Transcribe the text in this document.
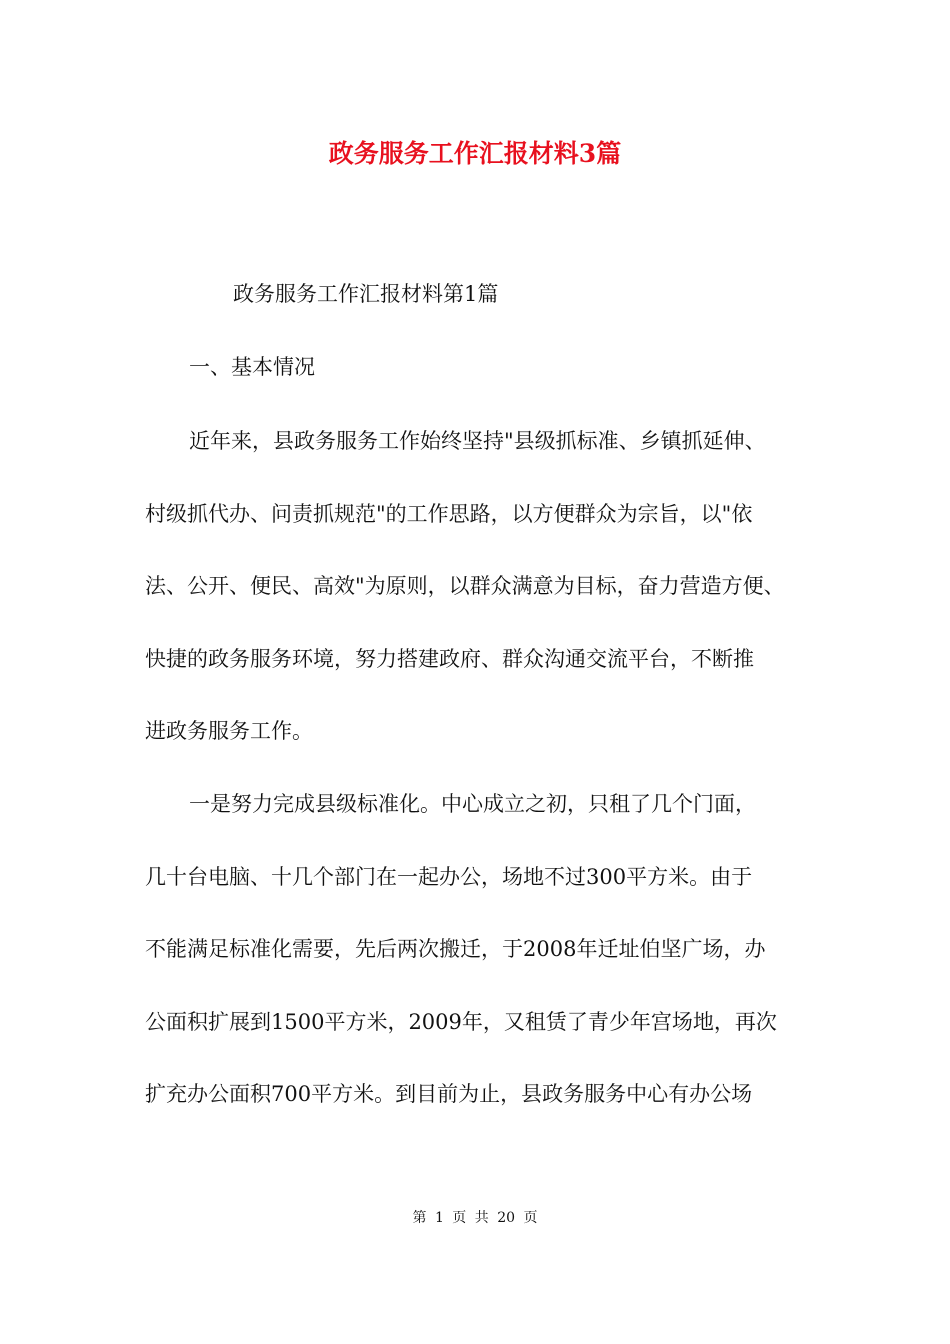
政务服务工作汇报材料3篇

政务服务工作汇报材料第1篇

一、基本情况

近年来，县政务服务工作始终坚持"县级抓标准、乡镇抓延伸、
村级抓代办、问责抓规范"的工作思路，以方便群众为宗旨，以"依
法、公开、便民、高效"为原则，以群众满意为目标，奋力营造方便、
快捷的政务服务环境，努力搭建政府、群众沟通交流平台，不断推
进政务服务工作。
一是努力完成县级标准化。中心成立之初，只租了几个门面，
几十台电脑、十几个部门在一起办公，场地不过300平方米。由于
不能满足标准化需要，先后两次搬迁，于2008年迁址伯坚广场，办
公面积扩展到1500平方米，2009年，又租赁了青少年宫场地，再次
扩充办公面积700平方米。到目前为止，县政务服务中心有办公场

第 1 页 共 20 页
